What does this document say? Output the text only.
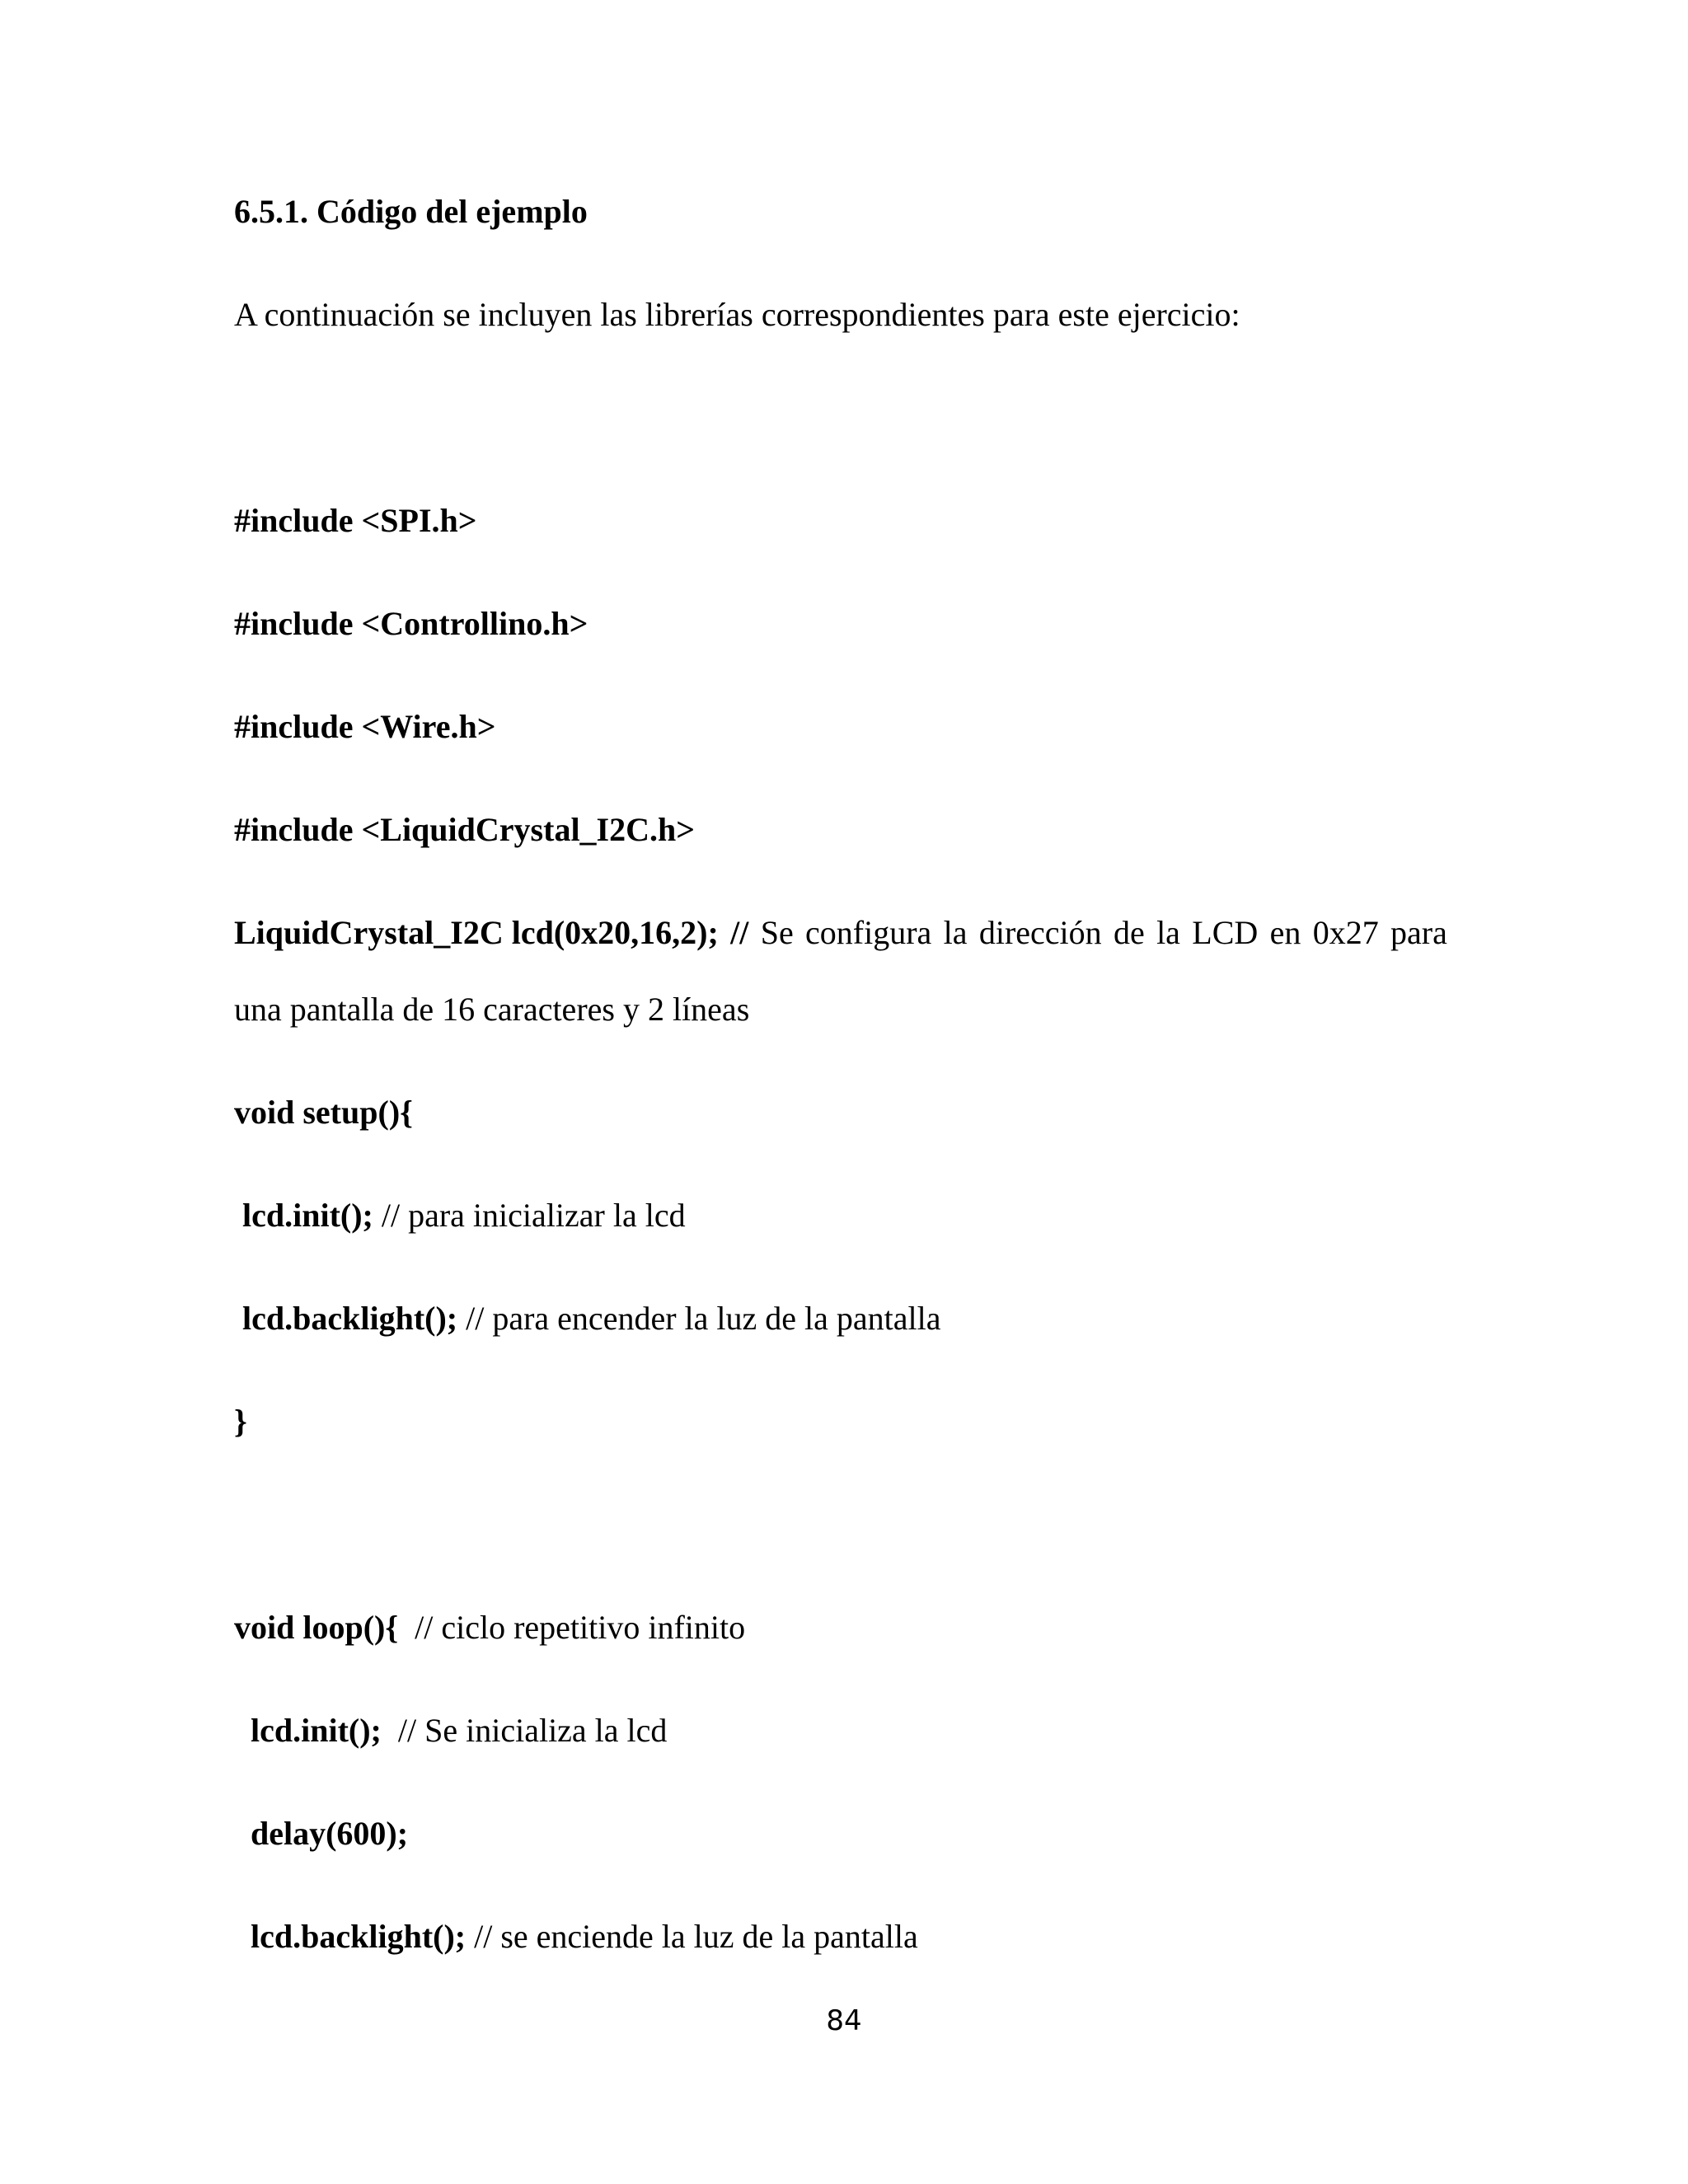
6.5.1. Código del ejemplo
A continuación se incluyen las librerías correspondientes para este ejercicio:
#include <SPI.h>
#include <Controllino.h>
#include <Wire.h>
#include <LiquidCrystal_I2C.h>
LiquidCrystal_I2C lcd(0x20,16,2); // Se configura la dirección de la LCD en 0x27 para
una pantalla de 16 caracteres y 2 líneas
void setup(){
lcd.init(); // para inicializar la lcd
lcd.backlight(); // para encender la luz de la pantalla
}
void loop(){  // ciclo repetitivo infinito
lcd.init();  // Se inicializa la lcd
delay(600);
lcd.backlight(); // se enciende la luz de la pantalla
84
